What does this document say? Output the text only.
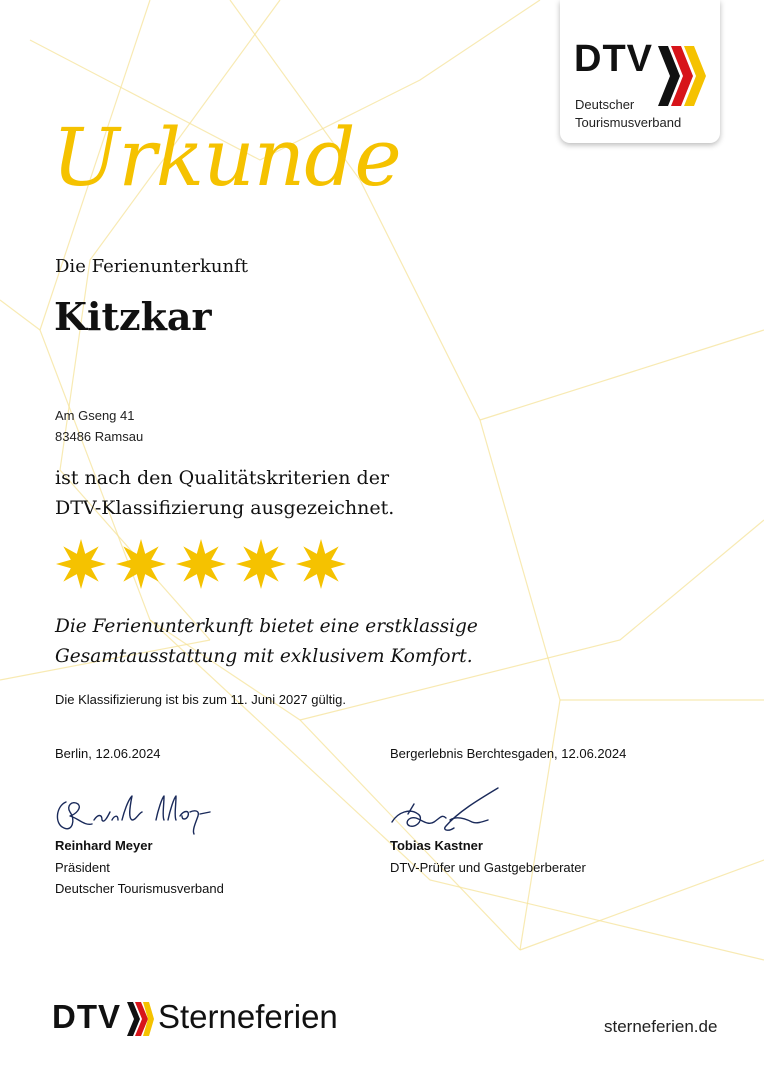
DTV
Deutscher
Tourismusverband
Urkunde
Die Ferienunterkunft
Kitzkar
Am Gseng 41
83486 Ramsau
ist nach den Qualitätskriterien der
DTV-Klassifizierung ausgezeichnet.
Die Ferienunterkunft bietet eine erstklassige
Gesamtausstattung mit exklusivem Komfort.
Die Klassifizierung ist bis zum 11. Juni 2027 gültig.
Berlin, 12.06.2024	Bergerlebnis Berchtesgaden, 12.06.2024
Reinhard Meyer
Präsident
Deutscher Tourismusverband
Tobias Kastner
DTV-Prüfer und Gastgeberberater
DTV Sterneferien	sterneferien.de
